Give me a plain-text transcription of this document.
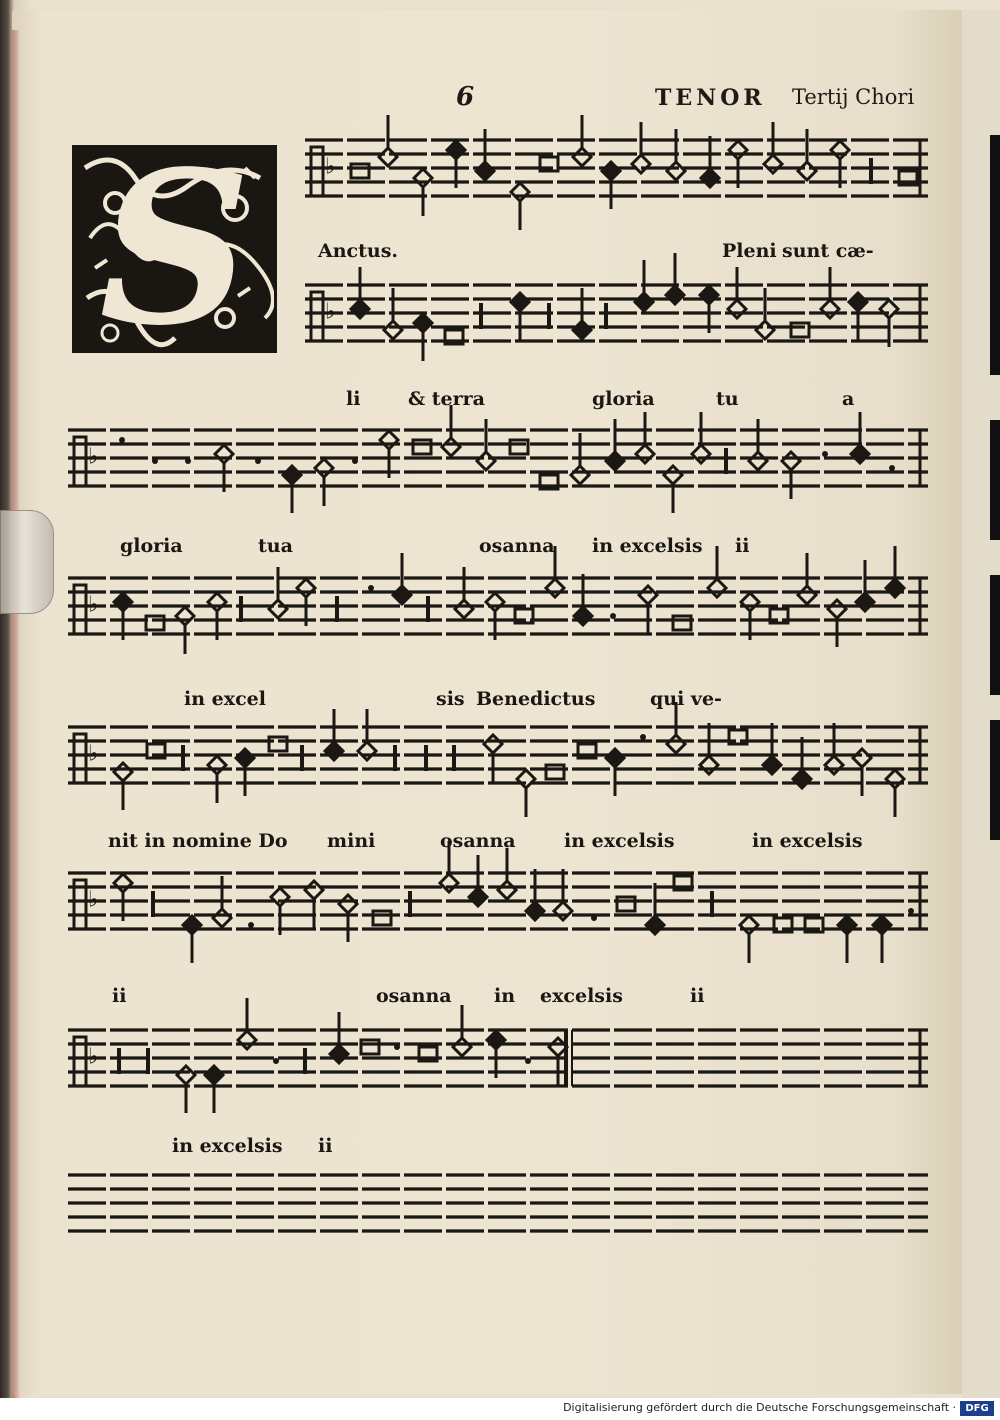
6	TENOR Tertij Chori
S	♭
♭
♭
♭
♭
♭
♭
Anctus.	Pleni sunt cæ-
li	& terra	gloria	tu	a
gloria	tua	osanna in excelsis ii
in excel	sis Benedictus	qui ve-
nit in nomine Do mini	osanna	in excelsis	in excelsis
ii	osanna in excelsis	ii
in excelsis ii
Digitalisierung gefördert durch die Deutsche Forschungsgemeinschaft · DFG
